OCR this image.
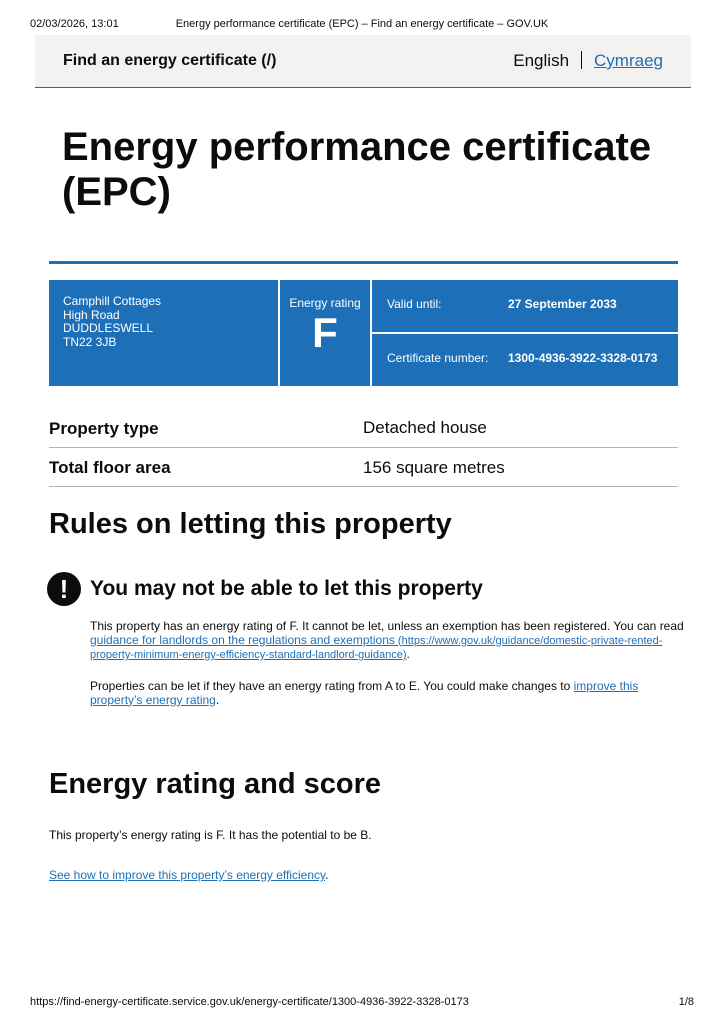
02/03/2026, 13:01	Energy performance certificate (EPC) – Find an energy certificate – GOV.UK
Find an energy certificate (/)	English Cymraeg
Energy performance certificate (EPC)
Camphill Cottages
High Road
DUDDLESWELL
TN22 3JB
Energy rating
F
Valid until:	27 September 2033
Certificate number:	1300-4936-3922-3328-0173
Property type	Detached house
Total floor area	156 square metres
Rules on letting this property
!	You may not be able to let this property

This property has an energy rating of F. It cannot be let, unless an exemption has been registered. You can read guidance for landlords on the regulations and exemptions (https://www.gov.uk/guidance/domestic-private-rented-property-minimum-energy-efficiency-standard-landlord-guidance).

Properties can be let if they have an energy rating from A to E. You could make changes to improve this property’s energy rating.

Energy rating and score

This property’s energy rating is F. It has the potential to be B.

See how to improve this property’s energy efficiency.

https://find-energy-certificate.service.gov.uk/energy-certificate/1300-4936-3922-3328-0173	1/8
